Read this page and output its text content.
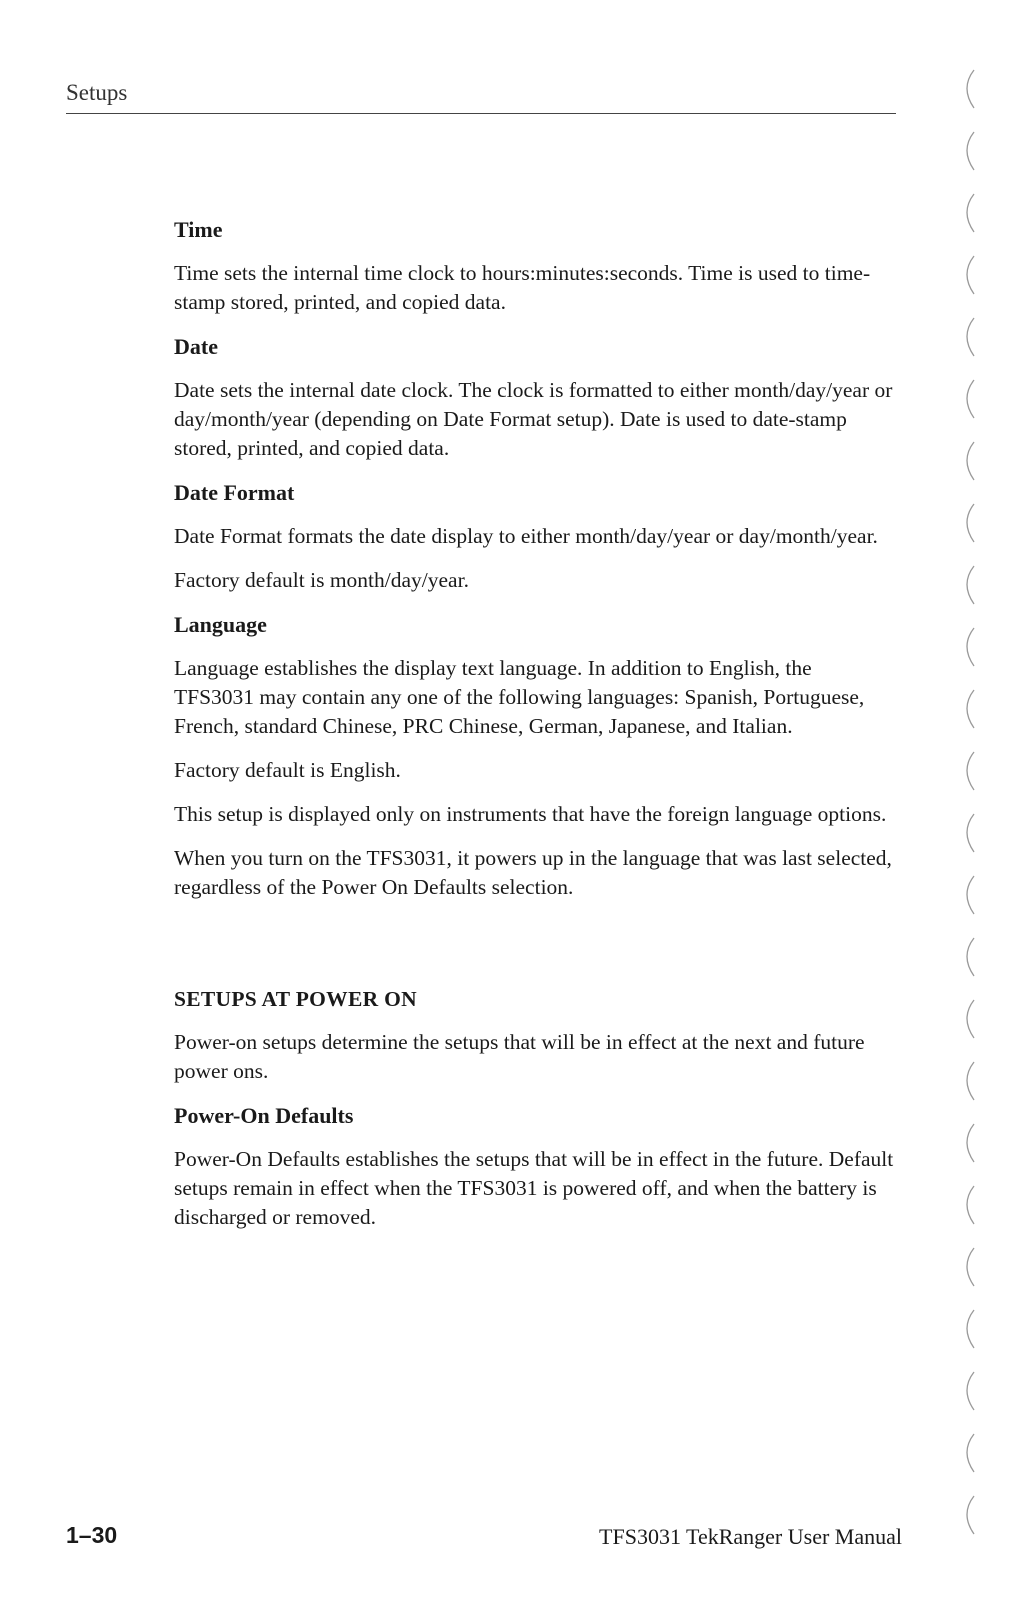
Setups
Time

Time sets the internal time clock to hours:minutes:seconds. Time is used to time-stamp stored, printed, and copied data.

Date

Date sets the internal date clock. The clock is formatted to either month/day/year or day/month/year (depending on Date Format setup). Date is used to date-stamp stored, printed, and copied data.

Date Format

Date Format formats the date display to either month/day/year or day/month/year.

Factory default is month/day/year.

Language

Language establishes the display text language. In addition to English, the TFS3031 may contain any one of the following languages: Spanish, Portuguese, French, standard Chinese, PRC Chinese, German, Japanese, and Italian.

Factory default is English.

This setup is displayed only on instruments that have the foreign language options.

When you turn on the TFS3031, it powers up in the language that was last selected, regardless of the Power On Defaults selection.

SETUPS AT POWER ON

Power-on setups determine the setups that will be in effect at the next and future power ons.

Power-On Defaults

Power-On Defaults establishes the setups that will be in effect in the future. Default setups remain in effect when the TFS3031 is powered off, and when the battery is discharged or removed.

1–30	TFS3031 TekRanger User Manual
